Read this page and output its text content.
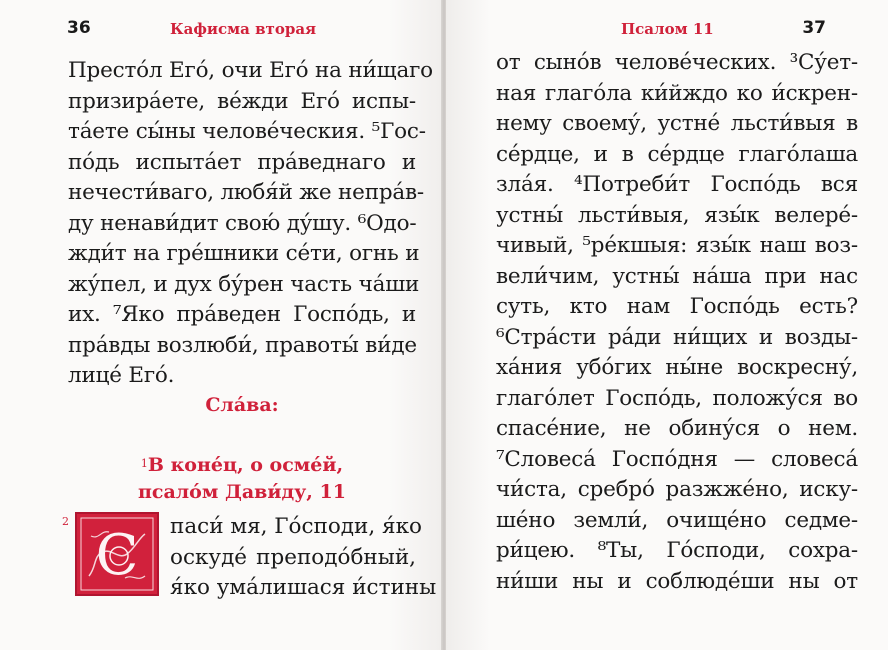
36	Кафисма вторая
Престо́л Его́, очи Его́ на ни́щаго
призира́ете, ве́жди Его́ испы-
та́ете сы́ны челове́ческия. ⁵Гос-
по́дь испыта́ет пра́веднаго и
нечести́ваго, любя́й же непра́в-
ду ненави́дит свою́ ду́шу. ⁶Одо-
жди́т на гре́шники се́ти, огнь и
жу́пел, и дух бу́рен часть ча́ши
их. ⁷Яко пра́веден Госпо́дь, и
пра́вды возлюби́, правоты́ ви́де
лице́ Его́.
Сла́ва:
$^1$В коне́ц, о осме́й,
псало́м Дави́ду, 11
2
С паси́ мя, Го́споди, я́ко
оскуде́ преподо́бный,
я́ко ума́лишася и́стины
Псалом 11	37
от сыно́в челове́ческих. ³Су́ет-
ная глаго́ла ки́йждо ко и́скрен-
нему своему́, устне́ льсти́выя в
се́рдце, и в се́рдце глаго́лаша
зла́я. ⁴Потреби́т Госпо́дь вся
устны́ льсти́выя, язы́к велере́-
чивый, ⁵ре́кшыя: язы́к наш воз-
вели́чим, устны́ на́ша при нас
суть, кто нам Госпо́дь есть?
⁶Стра́сти ра́ди ни́щих и возды-
ха́ния убо́гих ны́не воскресну́,
глаго́лет Госпо́дь, положу́ся во
спасе́ние, не обину́ся о нем.
⁷Словеса́ Госпо́дня — словеса́
чи́ста, сребро́ разжже́но, иску-
ше́но земли́, очище́но седме-
ри́цею. ⁸Ты, Го́споди, сохра-
ни́ши ны и соблюде́ши ны от
